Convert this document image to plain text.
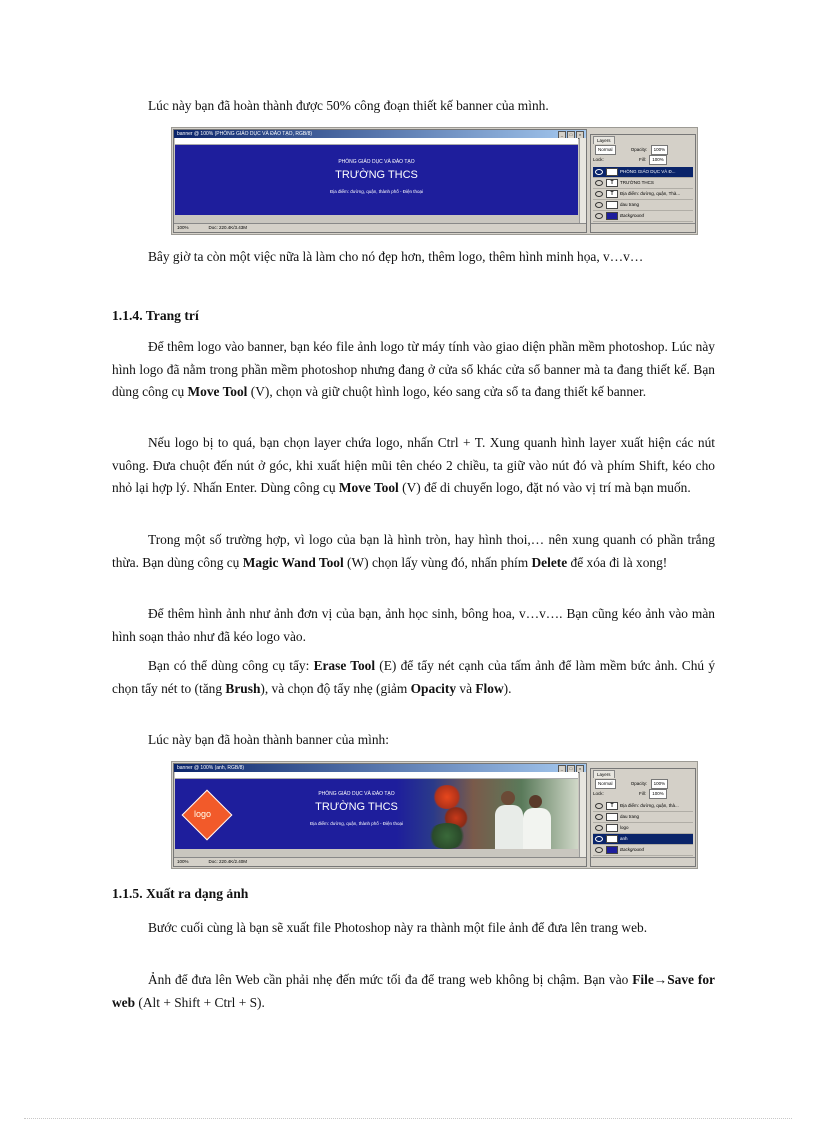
Lúc này bạn đã hoàn thành được 50% công đoạn thiết kế banner của mình.

banner @ 100% (PHÒNG GIÁO DỤC VÀ ĐÀO TẠO, RGB/8)	_	□	×
PHÒNG GIÁO DỤC VÀ ĐÀO TẠO
TRƯỜNG THCS
Địa điểm: đường, quận, thành phố - Điện thoại
100%	Doc: 220.4K/3.43M
Layers
Normal	Opacity: 100%
Lock:	Fill: 100%
T PHÒNG GIÁO DỤC VÀ Đ...
T TRƯỜNG THCS
T Địa điểm: đường, quận, Thà...
dau trang
Background

Bây giờ ta còn một việc nữa là làm cho nó đẹp hơn, thêm logo, thêm hình minh họa, v…v…

1.1.4. Trang trí

Để thêm logo vào banner, bạn kéo file ảnh logo từ máy tính vào giao diện phần mềm photoshop. Lúc này hình logo đã nằm trong phần mềm photoshop nhưng đang ở cửa sổ khác cửa sổ banner mà ta đang thiết kế. Bạn dùng công cụ Move Tool (V), chọn và giữ chuột hình logo, kéo sang cửa sổ ta đang thiết kế banner.

Nếu logo bị to quá, bạn chọn layer chứa logo, nhấn Ctrl + T. Xung quanh hình layer xuất hiện các nút vuông. Đưa chuột đến nút ở góc, khi xuất hiện mũi tên chéo 2 chiều, ta giữ vào nút đó và phím Shift, kéo cho nhỏ lại hợp lý. Nhấn Enter. Dùng công cụ Move Tool (V) để di chuyển logo, đặt nó vào vị trí mà bạn muốn.

Trong một số trường hợp, vì logo của bạn là hình tròn, hay hình thoi,… nên xung quanh có phần trắng thừa. Bạn dùng công cụ Magic Wand Tool (W) chọn lấy vùng đó, nhấn phím Delete để xóa đi là xong!

Để thêm hình ảnh như ảnh đơn vị của bạn, ảnh học sinh, bông hoa, v…v…. Bạn cũng kéo ảnh vào màn hình soạn thảo như đã kéo logo vào.

Bạn có thể dùng công cụ tẩy: Erase Tool (E) để tẩy nét cạnh của tấm ảnh để làm mềm bức ảnh. Chú ý chọn tẩy nét to (tăng Brush), và chọn độ tẩy nhẹ (giảm Opacity và Flow).

Lúc này bạn đã hoàn thành banner của mình:

banner @ 100% (anh, RGB/8)	_	□	×
logo
PHÒNG GIÁO DỤC VÀ ĐÀO TẠO
TRƯỜNG THCS
Địa điểm: đường, quận, thành phố - Điện thoại
100%	Doc: 220.4K/2.40M
Layers
Normal	Opacity: 100%
Lock:	Fill: 100%
T Địa điểm: đường, quận, thà...
dau trang
logo
anh
Background

1.1.5. Xuất ra dạng ảnh

Bước cuối cùng là bạn sẽ xuất file Photoshop này ra thành một file ảnh để đưa lên trang web.

Ảnh để đưa lên Web cần phải nhẹ đến mức tối đa để trang web không bị chậm. Bạn vào File→Save for web (Alt + Shift + Ctrl + S).
